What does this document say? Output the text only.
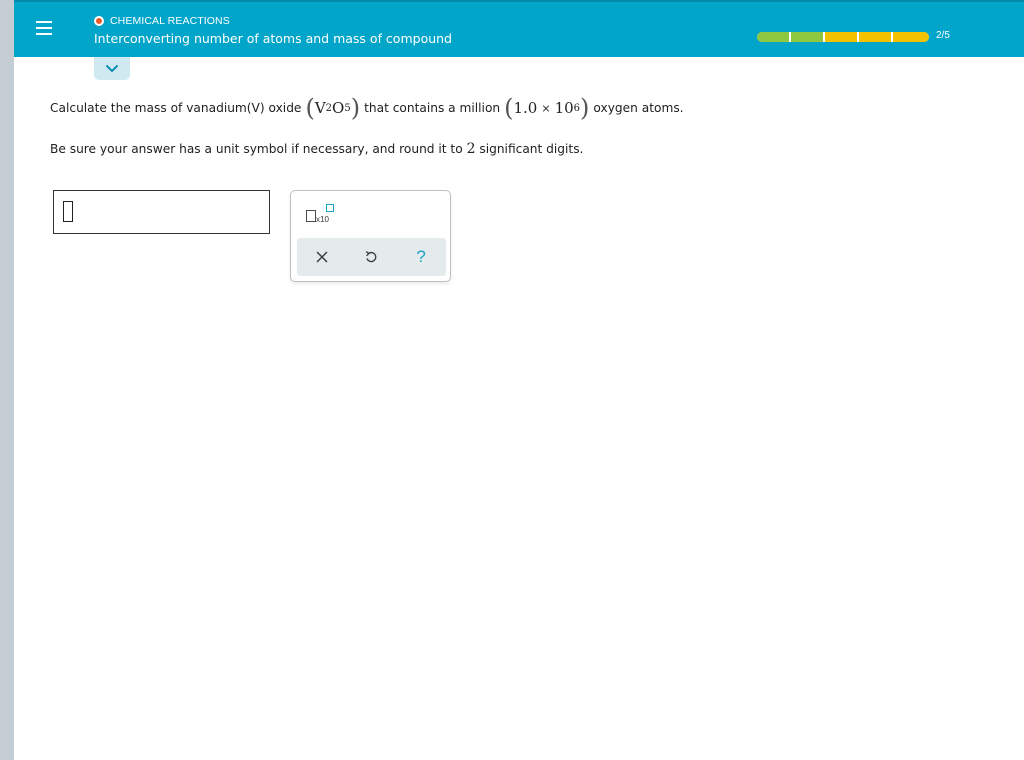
CHEMICAL REACTIONS
Interconverting number of atoms and mass of compound	2/5
Calculate the mass of vanadium(V) oxide ( V 2 O 5 ) that contains a million ( 1.0 × 10 6 ) oxygen atoms.
Be sure your answer has a unit symbol if necessary, and round it to 2 significant digits.
x10
?
